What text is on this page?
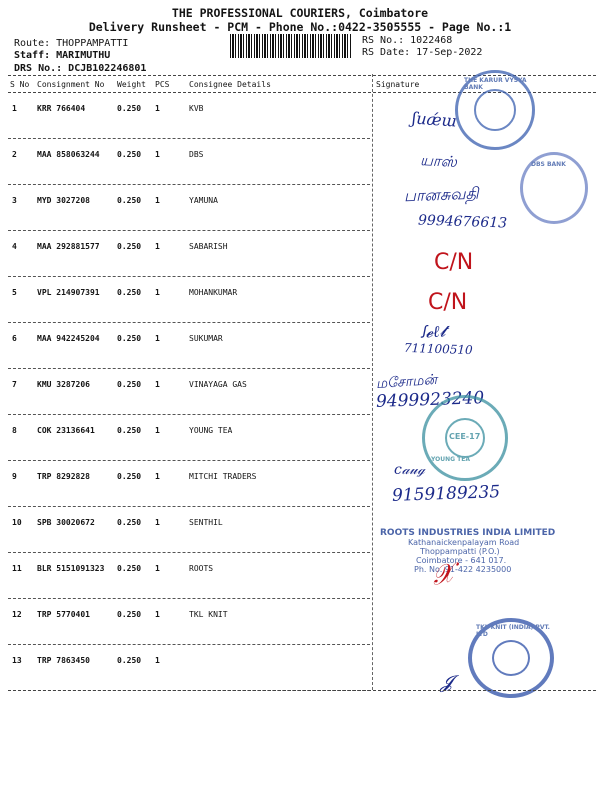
THE PROFESSIONAL COURIERS, Coimbatore
Delivery Runsheet - PCM - Phone No.:0422-3505555 - Page No.:1
Route: THOPPAMPATTI
Staff: MARIMUTHU
DRS No.: DCJB102246801
RS No.: 1022468
RS Date: 17-Sep-2022
S No Consignment No Weight PCS Consignee Details	Signature
1	KRR 766404	0.250 1	KVB
2	MAA 858063244 0.250 1	DBS
3	MYD 3027208	0.250 1	YAMUNA
4	MAA 292881577 0.250 1	SABARISH
5	VPL 214907391 0.250 1	MOHANKUMAR
6	MAA 942245204 0.250 1	SUKUMAR
7	KMU 3287206	0.250 1	VINAYAGA GAS
8	COK 23136641	0.250 1	YOUNG TEA
9	TRP 8292828	0.250 1	MITCHI TRADERS
10 SPB 30020672	0.250 1	SENTHIL
11 BLR 5151091323 0.250 1	ROOTS
12 TRP 5770401	0.250 1	TKL KNIT
13 TRP 7863450	0.250 1
ʃuǽɯ
யாஸ்
பானசுவதி
9994676613
C/N
C/N
ꭍ𝓮ℓ𝓽
711100510
மசோமன்
9499923240
c𝒶𝓊ℊ
9159189235
𝓙
THE KARUR VYSYA BANK
DBS BANK
CEE-17
YOUNG TEA
TKL KNIT (INDIA) PVT. LTD
ROOTS INDUSTRIES INDIA LIMITED
Kathanaickenpalayam Road
Thoppampatti (P.O.)
Coimbatore - 641 017.
Ph. No. 91-422 4235000
𝒳
